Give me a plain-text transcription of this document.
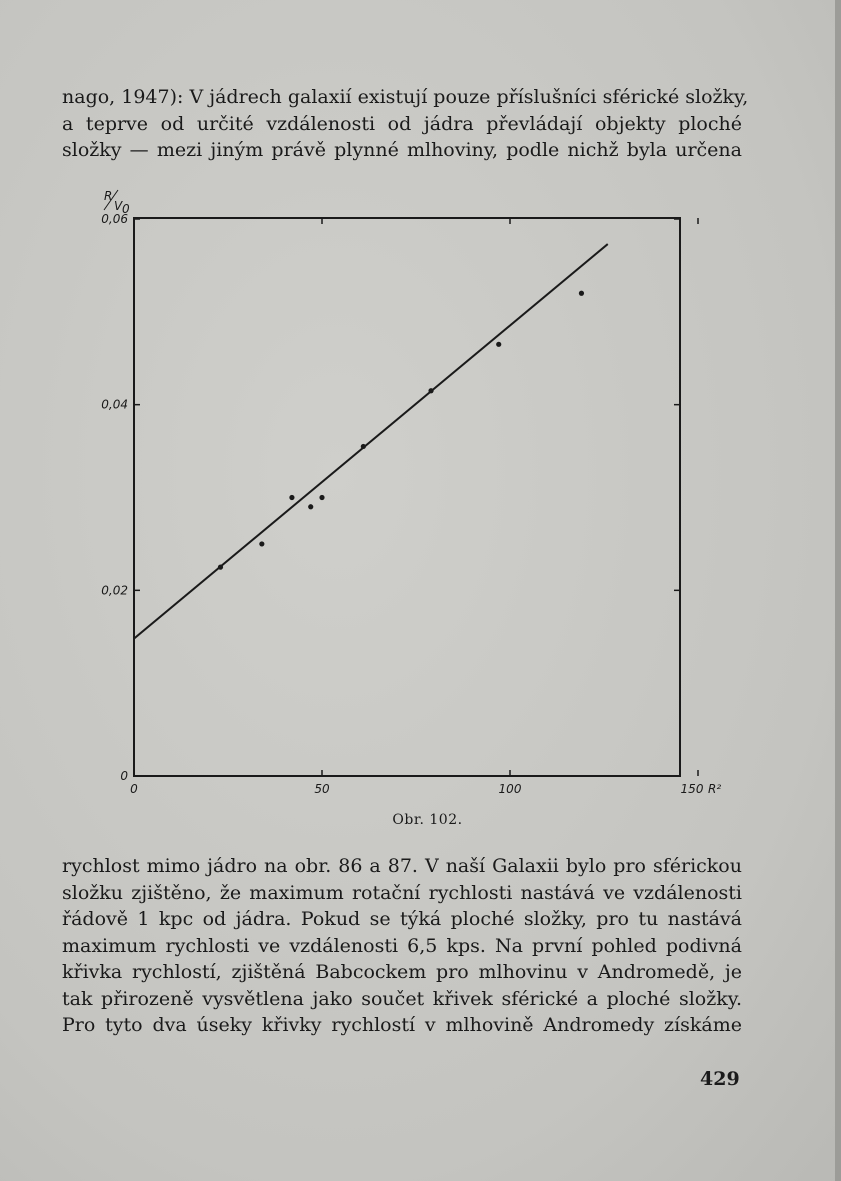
nago, 1947): V jádrech galaxií existují pouze příslušníci sférické složky,
a teprve od určité vzdálenosti od jádra převládají objekty ploché
složky — mezi jiným právě plynné mlhoviny, podle nichž byla určena

0
0,02
0,04
0,06
0	50	100	150 R²
R
V 0
Obr. 102.

rychlost mimo jádro na obr. 86 a 87. V naší Galaxii bylo pro sférickou
složku zjištěno, že maximum rotační rychlosti nastává ve vzdálenosti
řádově 1 kpc od jádra. Pokud se týká ploché složky, pro tu nastává
maximum rychlosti ve vzdálenosti 6,5 kps. Na první pohled podivná
křivka rychlostí, zjištěná Babcockem pro mlhovinu v Andromedě, je
tak přirozeně vysvětlena jako součet křivek sférické a ploché složky.
Pro tyto dva úseky křivky rychlostí v mlhovině Andromedy získáme

429
